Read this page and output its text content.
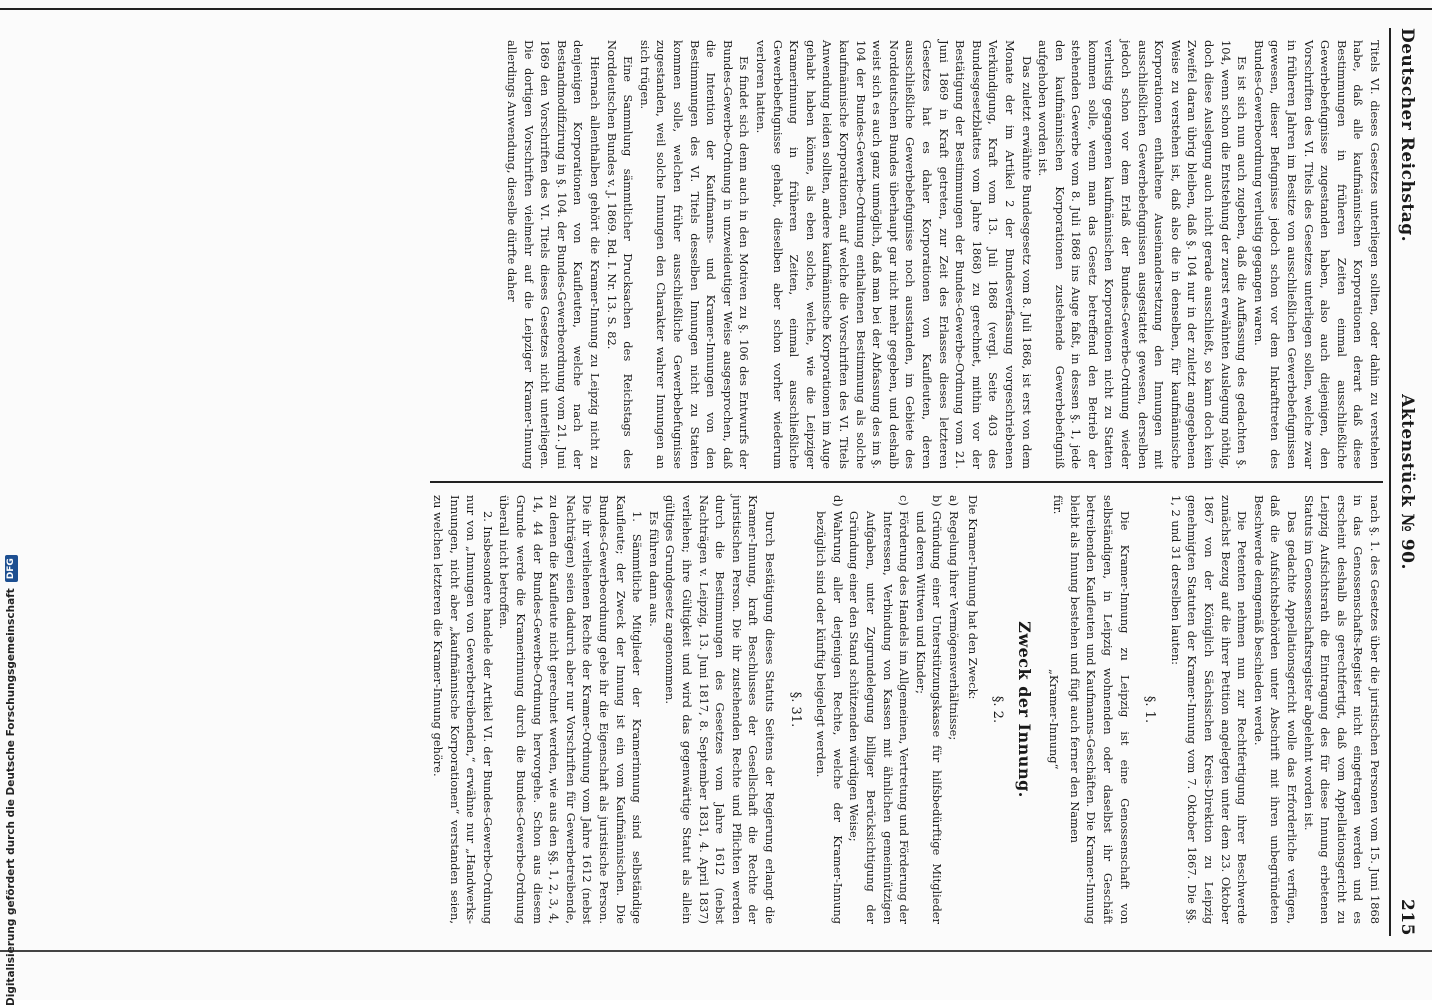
Deutscher Reichstag.
Aktenstück № 90.
215

Titels VI. dieses Gesetzes unterliegen sollten, oder dahin zu verstehen habe, daß alle kaufmännischen Korporationen derart daß diese Bestimmungen in früheren Zeiten einmal ausschließliche Gewerbebefugnisse zugestanden haben, also auch diejenigen, den Vorschriften des VI. Titels des Gesetzes unterliegen sollen, welche zwar in früheren Jahren im Besitze von ausschließlichen Gewerbebefugnissen gewesen, dieser Befugnisse jedoch schon vor dem Inkrafttreten des Bundes-Gewerbeordnung verlustig gegangen waren.

Es ist sich nun auch zugeben, daß die Auffassung des gedachten §. 104, wenn schon die Entstehung der zuerst erwähnten Auslegung nöthig, doch diese Auslegung auch nicht gerade ausschließt, so kann doch kein Zweifel daran übrig bleiben, daß §. 104 nur in der zuletzt angegebenen Weise zu verstehen ist, daß also die in denselben, für kaufmännische Korporationen enthaltene Auseinandersetzung den Innungen mit ausschließlichen Gewerbebefugnissen ausgestattet gewesen, derselben jedoch schon vor dem Erlaß der Bundes-Gewerbe-Ordnung wieder verlustig gegangenen kaufmännischen Korporationen nicht zu Statten kommen solle, wenn man das Gesetz betreffend den Betrieb der stehenden Gewerbe vom 8. Juli 1868 ins Auge faßt, in dessen §. 1, jede den kaufmännischen Korporationen zustehende Gewerbebefugniß aufgehoben worden ist.

Das zuletzt erwähnte Bundesgesetz vom 8. Juli 1868, ist erst von dem Monate der im Artikel 2 der Bundesverfassung vorgeschriebenen Verkündigung, Kraft vom 13. Juli 1868 (vergl. Seite 403 des Bundesgesetzblattes vom Jahre 1868) zu gerechnet, mithin vor der Bestätigung der Bestimmungen der Bundes-Gewerbe-Ordnung vom 21. Juni 1869 in Kraft getreten, zur Zeit des Erlasses dieses letzteren Gesetzes hat es daher Korporationen von Kaufleuten, deren ausschließliche Gewerbebefugnisse noch ausstanden, im Gebiete des Norddeutschen Bundes überhaupt gar nicht mehr gegeben, und deshalb weist sich es auch ganz unmöglich, daß man bei der Abfassung des im §. 104 der Bundes-Gewerbe-Ordnung enthaltenen Bestimmung als solche kaufmännische Korporationen, auf welche die Vorschriften des VI. Titels Anwendung leiden sollten, andere kaufmännische Korporationen im Auge gehabt haben könne, als eben solche, welche, wie die Leipziger Kramerinnung in früheren Zeiten, einmal ausschließliche Gewerbebefugnisse gehabt, dieselben aber schon vorher wiederum verloren hatten.

Es findet sich denn auch in den Motiven zu §. 106 des Entwurfs der Bundes-Gewerbe-Ordnung in unzweideutiger Weise ausgesprochen, daß die Intention der Kaufmanns- und Kramer-Innungen von den Bestimmungen des VI. Titels desselben Innungen nicht zu Statten kommen solle, welchen früher ausschließliche Gewerbebefugnisse zugestanden, weil solche Innungen den Charakter wahrer Innungen an sich trügen.

Eine Sammlung sämmtlicher Drucksachen des Reichstags des Norddeutschen Bundes v. J. 1869. Bd. I. Nr. 13. S. 82.

Hiernach allenthalben gehört die Kramer-Innung zu Leipzig nicht zu denjenigen Korporationen von Kaufleuten, welche nach der Bestandmodifizirung in §. 104. der Bundes-Gewerbeordnung vom 21. Juni 1869 den Vorschriften des VI. Titels dieses Gesetzes nicht unterliegen. Die dortigen Vorschriften vielmehr auf die Leipziger Kramer-Innung allerdings Anwendung, dieselbe dürfte daher

nach §. 1. des Gesetzes über die juristischen Personen vom 15. Juni 1868 in das Genossenschafts-Register nicht eingetragen werden und es erscheint deshalb als gerechtfertigt, daß vom Appellationsgericht zu Leipzig Aufsichtsrath die Eintragung des für diese Innung erbetenen Statuts im Genossenschaftsregister abgelehnt worden ist.

Das gedachte Appellationsgericht wolle das Erforderliche verfügen, daß die Aufsichtsbehörden unter Abschrift mit ihren unbegründeten Beschwerde demgemäß beschieden werde.

Die Petenten nehmen nun zur Rechtfertigung ihrer Beschwerde zunächst Bezug auf die ihrer Petition angelegten unter dem 23. Oktober 1867 von der Königlich Sächsischen Kreis-Direktion zu Leipzig genehmigten Statuten der Kramer-Innung vom 7. Oktober 1867. Die §§. 1, 2 und 31 derselben lauten:

§. 1.

Die Kramer-Innung zu Leipzig ist eine Genossenschaft von selbständigen, in Leipzig wohnenden oder daselbst ihr Geschäft betreibenden Kaufleuten und Kaufmanns-Geschäften. Die Kramer-Innung bleibt als Innung bestehen und fügt auch ferner den Namen

für.
„Kramer-Innung“
Zweck der Innung.
§. 2.

Die Kramer-Innung hat den Zweck:

a)
Regelung ihrer Vermögensverhältnisse;
b)
Gründung einer Unterstützungskasse für hilfsbedürftige Mitglieder und deren Wittwen und Kinder;
c)
Förderung des Handels im Allgemeinen, Vertretung und Förderung der Interessen, Verbindung von Kassen mit ähnlichen gemeinnützigen Aufgaben, unter Zugrundelegung billiger Berücksichtigung der Gründung einer den Stand schützenden würdigen Weise;
d)
Wahrung aller derjenigen Rechte, welche der Kramer-Innung bezüglich sind oder künftig beigelegt werden.
§. 31.

Durch Bestätigung dieses Statuts Seitens der Regierung erlangt die Kramer-Innung, kraft Beschlusses der Gesellschaft die Rechte der juristischen Person. Die ihr zustehenden Rechte und Pflichten werden durch die Bestimmungen des Gesetzes vom Jahre 1612 (nebst Nachträgen v. Leipzig, 13. Juni 1817, 8. September 1831, 4. April 1837) verliehen; ihre Gültigkeit und wird das gegenwärtige Statut als allein gültiges Grundgesetz angenommen.

Es führen dann aus.

1. Sämmtliche Mitglieder der Kramerinnung sind selbständige Kaufleute; der Zweck der Innung ist ein vom Kaufmännischen. Die Bundes-Gewerbeordnung gebe ihr die Eigenschaft als juristische Person. Die ihr verliehenen Rechte der Kramer-Ordnung vom Jahre 1612 (nebst Nachträgen) seien dadurch aber nur Vorschriften für Gewerbetreibende, zu denen die Kaufleute nicht gerechnet werden, wie aus den §§. 1, 2, 3, 4, 14, 44 der Bundes-Gewerbe-Ordnung hervorgehe. Schon aus diesem Grunde werde die Kramerinnung durch die Bundes-Gewerbe-Ordnung überall nicht betroffen.

2. Insbesondere handele der Artikel VI. der Bundes-Gewerbe-Ordnung nur von „Innungen von Gewerbetreibenden,“ erwähne nur „Handwerks-Innungen, nicht aber „kaufmännische Korporationen“ verstanden seien, zu welchen letzteren die Kramer-Innung gehöre.

Digitalisierung gefördert durch die Deutsche Forschungsgemeinschaft
DFG
